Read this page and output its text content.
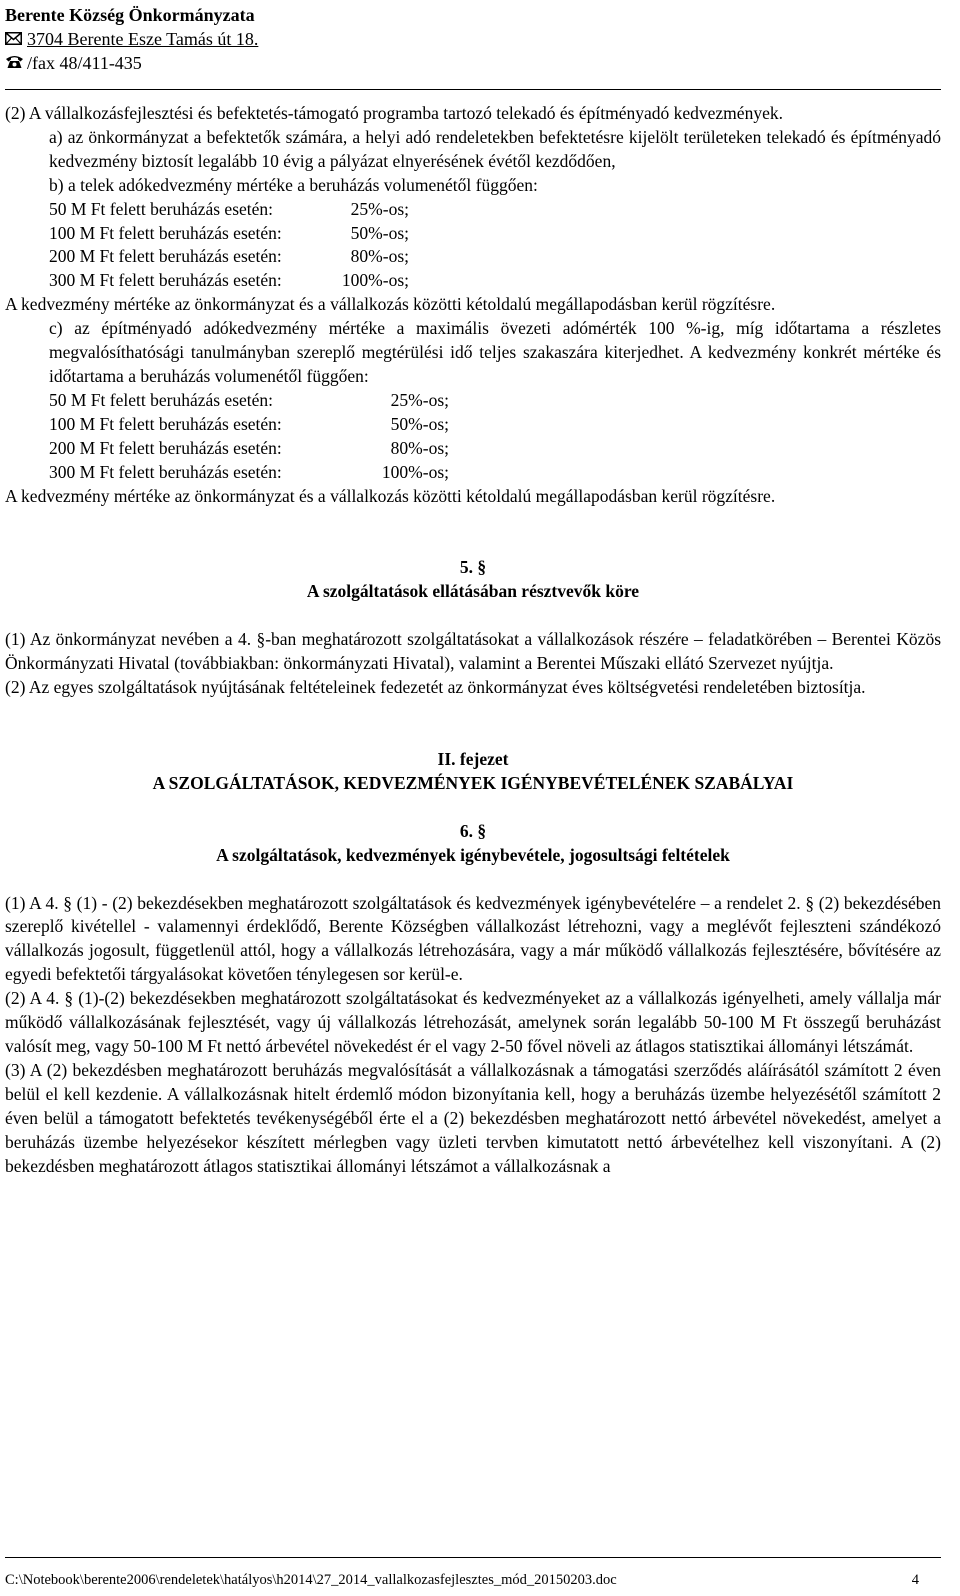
Berente Község Önkormányzata
3704 Berente Esze Tamás út 18.
/fax 48/411-435

(2) A vállalkozásfejlesztési és befektetés-támogató programba tartozó telekadó és építményadó kedvezmények.

a) az önkormányzat a befektetők számára, a helyi adó rendeletekben befektetésre kijelölt területeken telekadó és építményadó kedvezmény biztosít legalább 10 évig a pályázat elnyerésének évétől kezdődően,

b) a telek adókedvezmény mértéke a beruházás volumenétől függően:

50 M Ft felett beruházás esetén:	25%-os;
100 M Ft felett beruházás esetén:	50%-os;
200 M Ft felett beruházás esetén:	80%-os;
300 M Ft felett beruházás esetén:	100%-os;

A kedvezmény mértéke az önkormányzat és a vállalkozás közötti kétoldalú megállapodásban kerül rögzítésre.

c) az építményadó adókedvezmény mértéke a maximális övezeti adómérték 100 %-ig, míg időtartama a részletes megvalósíthatósági tanulmányban szereplő megtérülési idő teljes szakaszára kiterjedhet. A kedvezmény konkrét mértéke és időtartama a beruházás volumenétől függően:

50 M Ft felett beruházás esetén:	25%-os;
100 M Ft felett beruházás esetén:	50%-os;
200 M Ft felett beruházás esetén:	80%-os;
300 M Ft felett beruházás esetén:	100%-os;

A kedvezmény mértéke az önkormányzat és a vállalkozás közötti kétoldalú megállapodásban kerül rögzítésre.

5. §

A szolgáltatások ellátásában résztvevők köre

(1) Az önkormányzat nevében a 4. §-ban meghatározott szolgáltatásokat a vállalkozások részére – feladatkörében – Berentei Közös Önkormányzati Hivatal (továbbiakban: önkormányzati Hivatal), valamint a Berentei Műszaki ellátó Szervezet nyújtja.

(2) Az egyes szolgáltatások nyújtásának feltételeinek fedezetét az önkormányzat éves költségvetési rendeletében biztosítja.

II. fejezet

A SZOLGÁLTATÁSOK, KEDVEZMÉNYEK IGÉNYBEVÉTELÉNEK SZABÁLYAI

6. §

A szolgáltatások, kedvezmények igénybevétele, jogosultsági feltételek

(1) A 4. § (1) - (2) bekezdésekben meghatározott szolgáltatások és kedvezmények igénybevételére – a rendelet 2. § (2) bekezdésében szereplő kivétellel - valamennyi érdeklődő, Berente Községben vállalkozást létrehozni, vagy a meglévőt fejleszteni szándékozó vállalkozás jogosult, függetlenül attól, hogy a vállalkozás létrehozására, vagy a már működő vállalkozás fejlesztésére, bővítésére az egyedi befektetői tárgyalásokat követően ténylegesen sor kerül-e.

(2) A 4. § (1)-(2) bekezdésekben meghatározott szolgáltatásokat és kedvezményeket az a vállalkozás igényelheti, amely vállalja már működő vállalkozásának fejlesztését, vagy új vállalkozás létrehozását, amelynek során legalább 50-100 M Ft összegű beruházást valósít meg, vagy 50-100 M Ft nettó árbevétel növekedést ér el vagy 2-50 fővel növeli az átlagos statisztikai állományi létszámát.

(3) A (2) bekezdésben meghatározott beruházás megvalósítását a vállalkozásnak a támogatási szerződés aláírásától számított 2 éven belül el kell kezdenie. A vállalkozásnak hitelt érdemlő módon bizonyítania kell, hogy a beruházás üzembe helyezésétől számított 2 éven belül a támogatott befektetés tevékenységéből érte el a (2) bekezdésben meghatározott nettó árbevétel növekedést, amelyet a beruházás üzembe helyezésekor készített mérlegben vagy üzleti tervben kimutatott nettó árbevételhez kell viszonyítani. A (2) bekezdésben meghatározott átlagos statisztikai állományi létszámot a vállalkozásnak a

C:\Notebook\berente2006\rendeletek\hatályos\h2014\27_2014_vallalkozasfejlesztes_mód_20150203.doc	4
